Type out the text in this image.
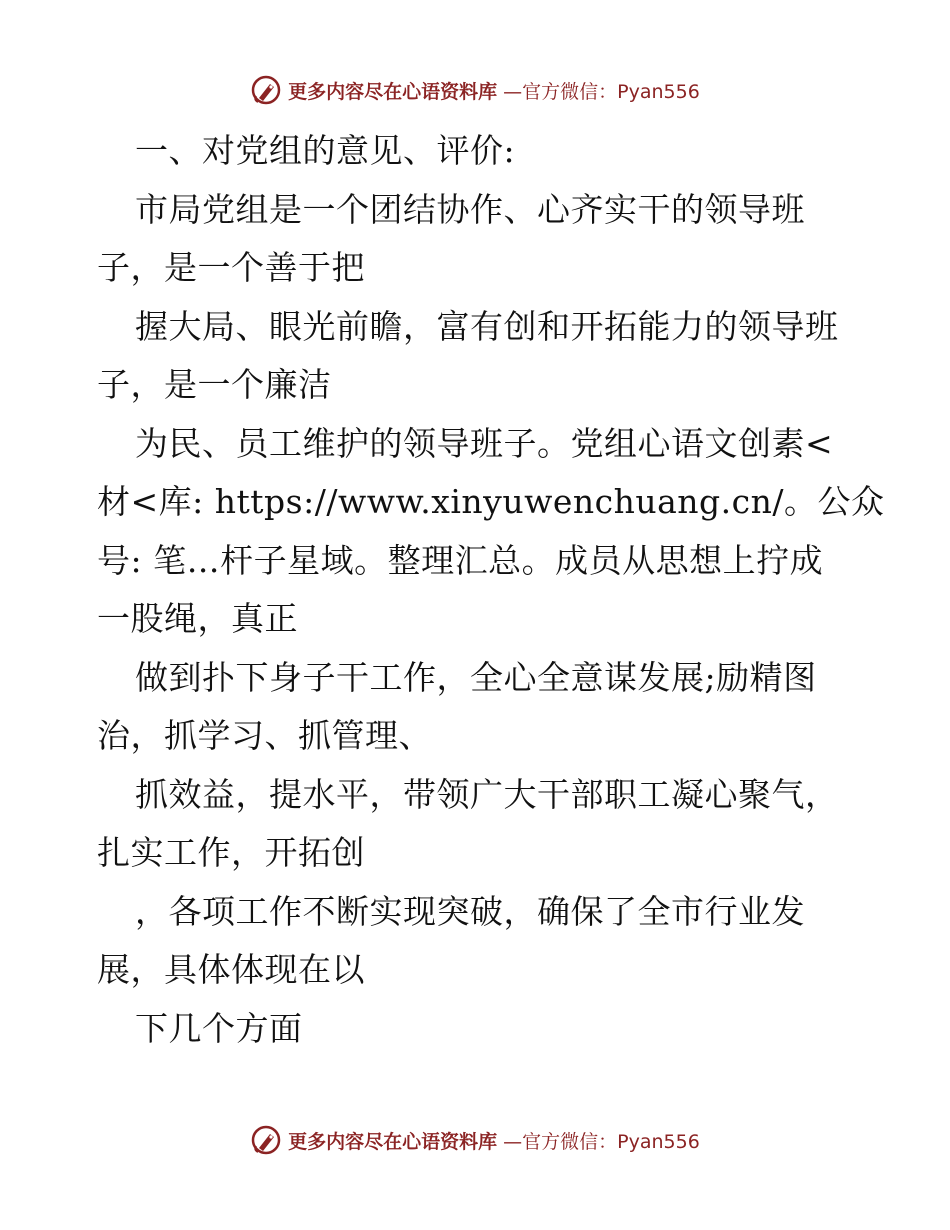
更多内容尽在心语资料库 —官方微信：Pyan556
一、对党组的意见、评价:
市局党组是一个团结协作、心齐实干的领导班
子，是一个善于把
握大局、眼光前瞻，富有创和开拓能力的领导班
子，是一个廉洁
为民、员工维护的领导班子。党组心语文创素<
材<库: https://www.xinyuwenchuang.cn/。公众
号: 笔…杆子星域。整理汇总。成员从思想上拧成
一股绳，真正
做到扑下身子干工作，全心全意谋发展;励精图
治，抓学习、抓管理、
抓效益，提水平，带领广大干部职工凝心聚气，
扎实工作，开拓创
，各项工作不断实现突破，确保了全市行业发
展，具体体现在以
下几个方面
更多内容尽在心语资料库 —官方微信：Pyan556
